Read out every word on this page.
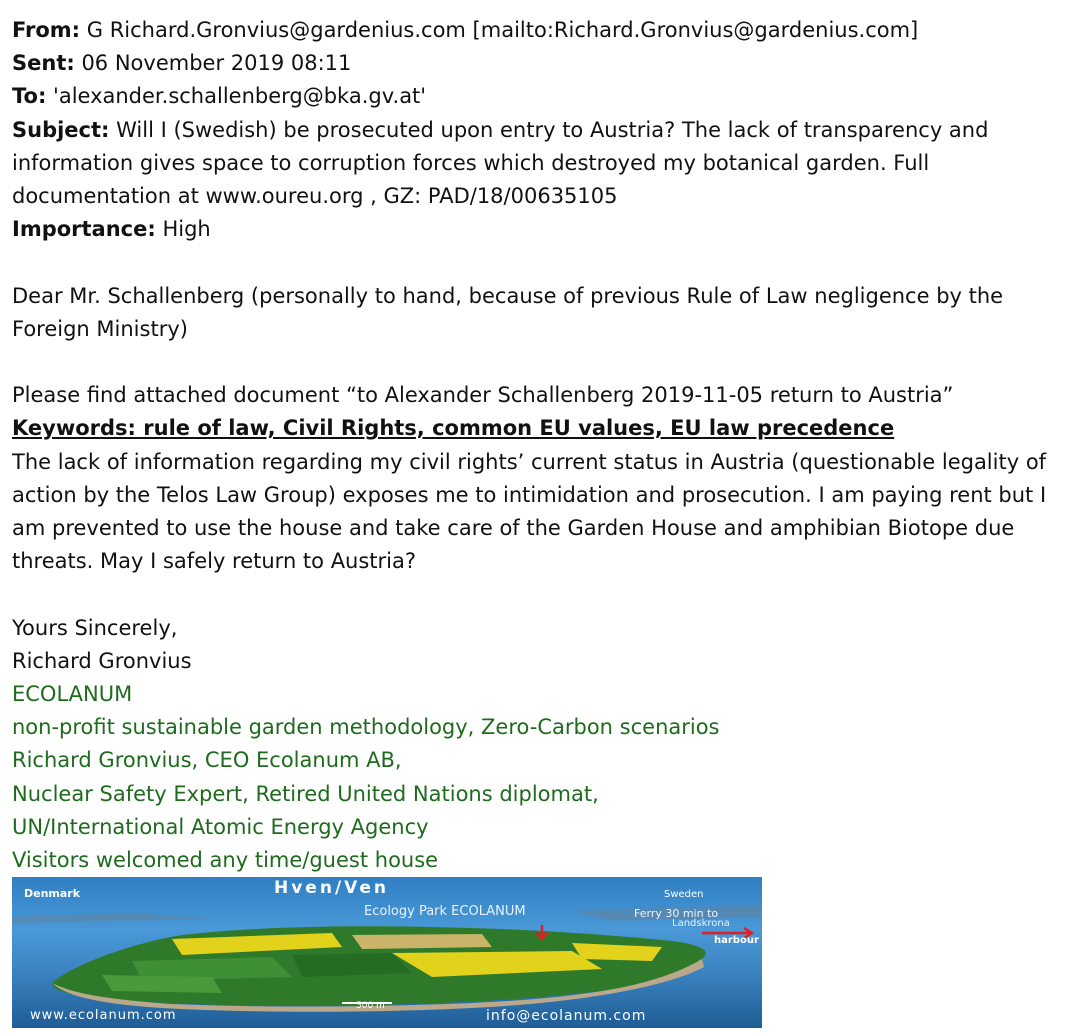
From: G Richard.Gronvius@gardenius.com [mailto:Richard.Gronvius@gardenius.com]
Sent: 06 November 2019 08:11
To: 'alexander.schallenberg@bka.gv.at'
Subject: Will I (Swedish) be prosecuted upon entry to Austria? The lack of transparency and information gives space to corruption forces which destroyed my botanical garden. Full documentation at www.oureu.org , GZ: PAD/18/00635105
Importance: High
Dear Mr. Schallenberg (personally to hand, because of previous Rule of Law negligence by the Foreign Ministry)
Please find attached document “to Alexander Schallenberg 2019-11-05 return to Austria”
Keywords: rule of law, Civil Rights, common EU values, EU law precedence
The lack of information regarding my civil rights’ current status in Austria (questionable legality of action by the Telos Law Group) exposes me to intimidation and prosecution. I am paying rent but I am prevented to use the house and take care of the Garden House and amphibian Biotope due threats. May I safely return to Austria?
Yours Sincerely,
Richard Gronvius
ECOLANUM
non-profit sustainable garden methodology, Zero-Carbon scenarios
Richard Gronvius, CEO Ecolanum AB,
Nuclear Safety Expert, Retired United Nations diplomat,
UN/International Atomic Energy Agency
Visitors welcomed any time/guest house
Denmark	Hven/Ven	Sweden
Ecology Park ECOLANUM	Ferry 30 min to
Landskrona
harbour
500 m
www.ecolanum.com	info@ecolanum.com
